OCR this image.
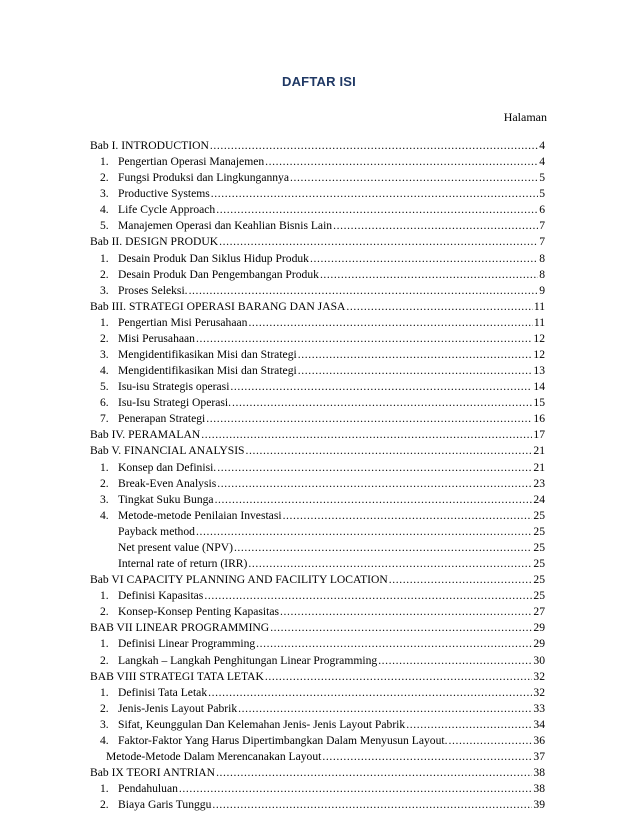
DAFTAR ISI
Halaman
Bab I. INTRODUCTION .....	4
1. Pengertian Operasi Manajemen .....	4
2. Fungsi Produksi dan Lingkungannya .....	5
3. Productive Systems .....	5
4. Life Cycle Approach .....	6
5. Manajemen Operasi dan Keahlian Bisnis Lain .....	7
Bab II. DESIGN PRODUK .....	7
1. Desain Produk Dan Siklus Hidup Produk .....	8
2. Desain Produk Dan Pengembangan Produk .....	8
3. Proses Seleksi. .....	9
Bab III. STRATEGI OPERASI BARANG DAN JASA .....	11
1. Pengertian Misi Perusahaan .....	11
2. Misi Perusahaan .....	12
3. Mengidentifikasikan Misi dan Strategi .....	12
4. Mengidentifikasikan Misi dan Strategi .....	13
5. Isu-isu Strategis operasi .....	14
6. Isu-Isu Strategi Operasi. .....	15
7. Penerapan Strategi .....	16
Bab IV. PERAMALAN .....	17
Bab V. FINANCIAL ANALYSIS .....	21
1. Konsep dan Definisi. .....	21
2. Break-Even Analysis .....	23
3. Tingkat Suku Bunga .....	24
4. Metode-metode Penilaian Investasi .....	25
Payback method .....	25
Net present value (NPV) .....	25
Internal rate of return (IRR) .....	25
Bab VI CAPACITY PLANNING AND FACILITY LOCATION .....	25
1. Definisi Kapasitas .....	25
2. Konsep-Konsep Penting Kapasitas .....	27
BAB VII LINEAR PROGRAMMING .....	29
1. Definisi Linear Programming .....	29
2. Langkah – Langkah Penghitungan Linear Programming .....	30
BAB VIII STRATEGI TATA LETAK .....	32
1. Definisi Tata Letak .....	32
2. Jenis-Jenis Layout Pabrik .....	33
3. Sifat, Keunggulan Dan Kelemahan Jenis- Jenis Layout Pabrik .....	34
4. Faktor-Faktor Yang Harus Dipertimbangkan Dalam Menyusun Layout. .....	36
Metode-Metode Dalam Merencanakan Layout .....	37
Bab IX TEORI ANTRIAN .....	38
1. Pendahuluan .....	38
2. Biaya Garis Tunggu .....	39
